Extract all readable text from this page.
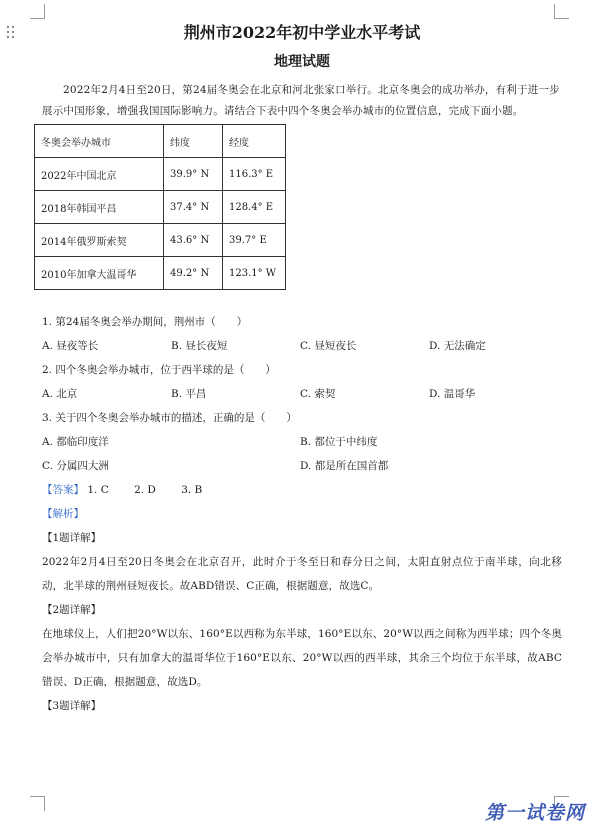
荆州市2022年初中学业水平考试
地理试题
2022年2月4日至20日，第24届冬奥会在北京和河北张家口举行。北京冬奥会的成功举办，有利于进一步展示中国形象，增强我国国际影响力。请结合下表中四个冬奥会举办城市的位置信息，完成下面小题。
冬奥会举办城市	纬度	经度
2022年中国北京	39.9° N	116.3° E
2018年韩国平昌	37.4° N	128.4° E
2014年俄罗斯索契	43.6° N	39.7° E
2010年加拿大温哥华	49.2° N	123.1° W
1. 第24届冬奥会举办期间，荆州市（　　）
A. 昼夜等长	B. 昼长夜短	C. 昼短夜长	D. 无法确定
2. 四个冬奥会举办城市，位于西半球的是（　　）
A. 北京	B. 平昌	C. 索契	D. 温哥华
3. 关于四个冬奥会举办城市的描述，正确的是（　　）
A. 都临印度洋	B. 都位于中纬度
C. 分属四大洲	D. 都是所在国首都
【答案】 1. C 2. D 3. B
【解析】
【1题详解】
2022年2月4日至20日冬奥会在北京召开，此时介于冬至日和春分日之间，太阳直射点位于南半球，向北移动，北半球的荆州昼短夜长。故ABD错误、C正确，根据题意，故选C。
【2题详解】
在地球仪上，人们把20°W以东、160°E以西称为东半球，160°E以东、20°W以西之间称为西半球；四个冬奥会举办城市中，只有加拿大的温哥华位于160°E以东、20°W以西的西半球，其余三个均位于东半球，故ABC错误、D正确，根据题意，故选D。
【3题详解】
第一试卷网
